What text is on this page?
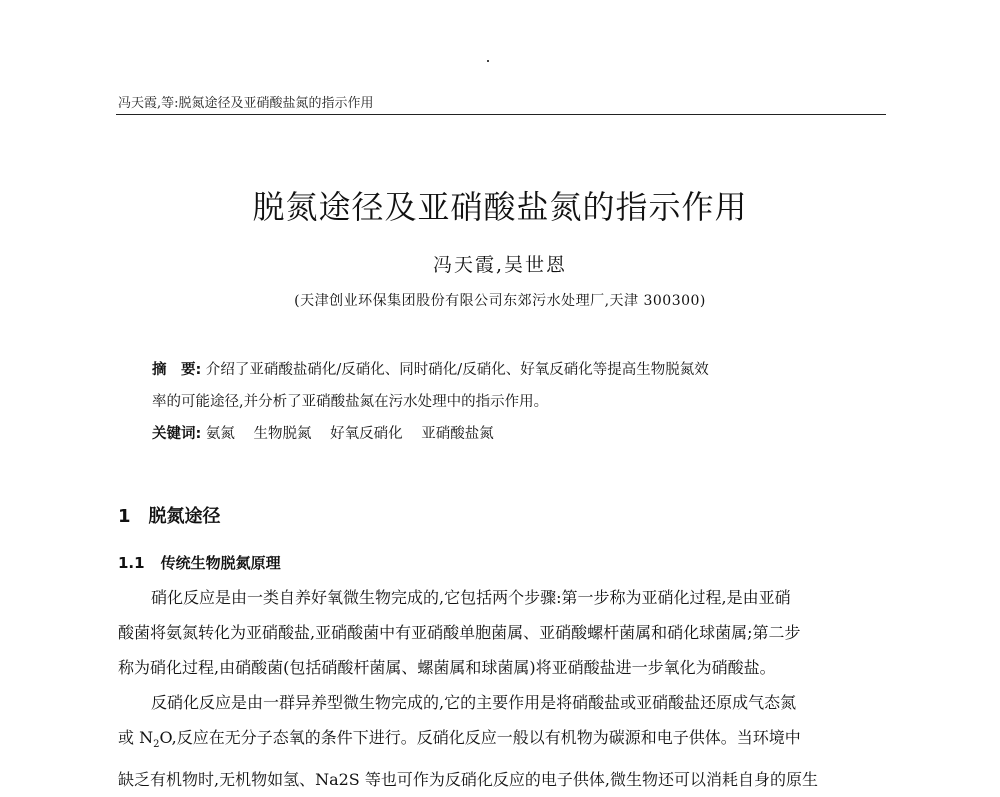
冯天霞,等:脱氮途径及亚硝酸盐氮的指示作用
脱氮途径及亚硝酸盐氮的指示作用
冯天霞,吴世恩
(天津创业环保集团股份有限公司东郊污水处理厂,天津 300300)
摘　要: 介绍了亚硝酸盐硝化/反硝化、同时硝化/反硝化、好氧反硝化等提高生物脱氮效
率的可能途径,并分析了亚硝酸盐氮在污水处理中的指示作用。
关键词: 氨氮 生物脱氮 好氧反硝化 亚硝酸盐氮
1 脱氮途径
1.1 传统生物脱氮原理
硝化反应是由一类自养好氧微生物完成的,它包括两个步骤:第一步称为亚硝化过程,是由亚硝
酸菌将氨氮转化为亚硝酸盐,亚硝酸菌中有亚硝酸单胞菌属、亚硝酸螺杆菌属和硝化球菌属;第二步
称为硝化过程,由硝酸菌(包括硝酸杆菌属、螺菌属和球菌属)将亚硝酸盐进一步氧化为硝酸盐。
反硝化反应是由一群异养型微生物完成的,它的主要作用是将硝酸盐或亚硝酸盐还原成气态氮
或 $N_2O$,反应在无分子态氧的条件下进行。反硝化反应一般以有机物为碳源和电子供体。当环境中
缺乏有机物时,无机物如氢、Na2S 等也可作为反硝化反应的电子供体,微生物还可以消耗自身的原生
